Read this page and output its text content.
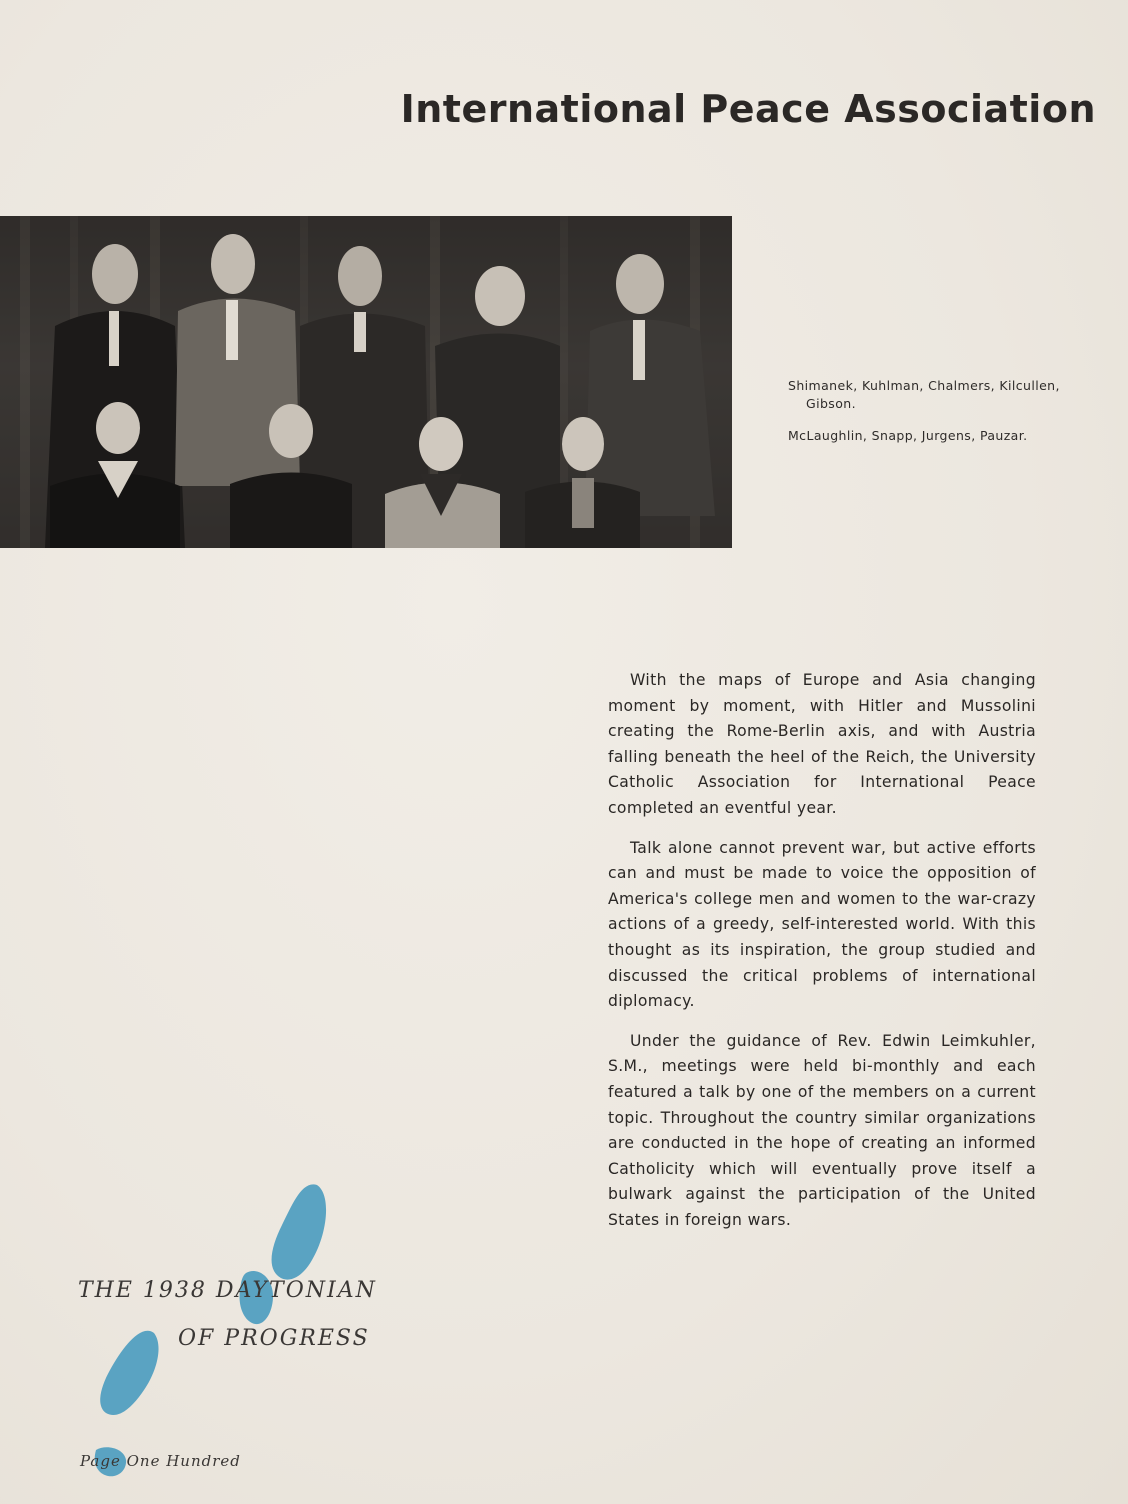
International Peace Association

Shimanek, Kuhlman, Chalmers, Kilcullen, Gibson.

McLaughlin, Snapp, Jurgens, Pauzar.

With the maps of Europe and Asia changing moment by moment, with Hitler and Mussolini creating the Rome-Berlin axis, and with Austria falling beneath the heel of the Reich, the University Catholic Association for International Peace completed an eventful year.

Talk alone cannot prevent war, but active efforts can and must be made to voice the opposition of America's college men and women to the war-crazy actions of a greedy, self-interested world. With this thought as its inspiration, the group studied and discussed the critical problems of international diplomacy.

Under the guidance of Rev. Edwin Leimkuhler, S.M., meetings were held bi-monthly and each featured a talk by one of the members on a current topic. Throughout the country similar organizations are conducted in the hope of creating an informed Catholicity which will eventually prove itself a bulwark against the participation of the United States in foreign wars.

THE 1938 DAYTONIAN
OF PROGRESS
Page One Hundred
